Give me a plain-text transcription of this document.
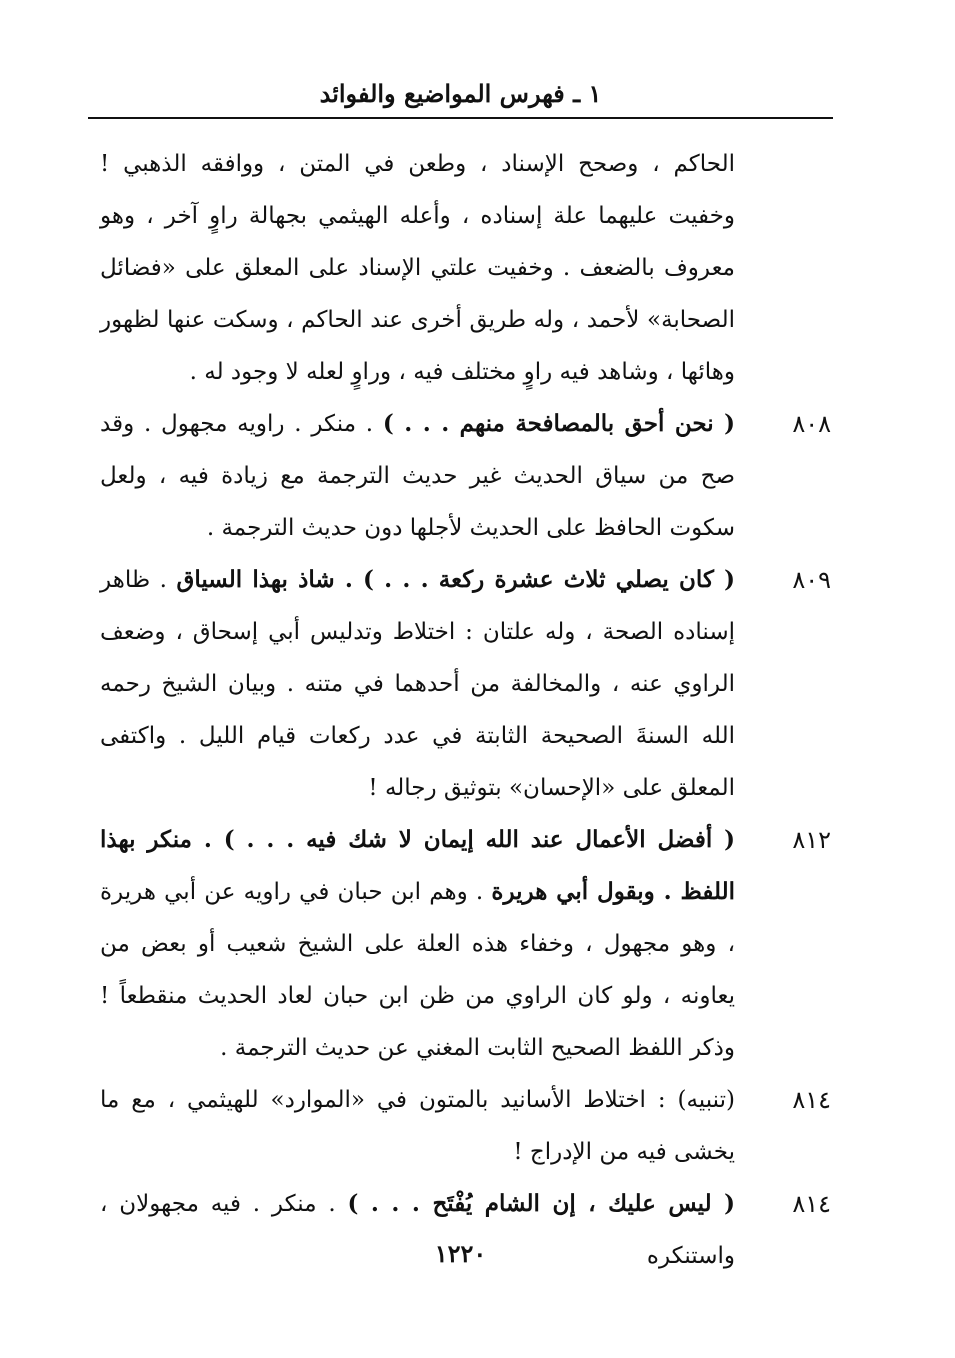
١ ـ فهرس المواضيع والفوائد
الحاكم ، وصحح الإسناد ، وطعن في المتن ، ووافقه الذهبي ! وخفيت عليهما علة إسناده ، وأعله الهيثمي بجهالة راوٍ آخر ، وهو معروف بالضعف . وخفيت علتي الإسناد على المعلق على «فضائل الصحابة» لأحمد ، وله طريق أخرى عند الحاكم ، وسكت عنها لظهور وهائها ، وشاهد فيه راوٍ مختلف فيه ، وراوٍ لعله لا وجود له .
٨٠٨
( نحن أحق بالمصافحة منهم . . . ) . منكر . راويه مجهول . وقد صح من سياق الحديث غير حديث الترجمة مع زيادة فيه ، ولعل سكوت الحافظ على الحديث لأجلها دون حديث الترجمة .
٨٠٩
( كان يصلي ثلاث عشرة ركعة . . . ) . شاذ بهذا السياق . ظاهر إسناده الصحة ، وله علتان : اختلاط وتدليس أبي إسحاق ، وضعف الراوي عنه ، والمخالفة من أحدهما في متنه . وبيان الشيخ رحمه الله السنةَ الصحيحة الثابتة في عدد ركعات قيام الليل . واكتفى المعلق على «الإحسان» بتوثيق رجاله !
٨١٢
( أفضل الأعمال عند الله إيمان لا شك فيه . . . ) . منكر بهذا اللفظ . وبقول أبي هريرة . وهم ابن حبان في راويه عن أبي هريرة ، وهو مجهول ، وخفاء هذه العلة على الشيخ شعيب أو بعض من يعاونه ، ولو كان الراوي من ظن ابن حبان لعاد الحديث منقطعاً ! وذكر اللفظ الصحيح الثابت المغني عن حديث الترجمة .
٨١٤
(تنبيه) : اختلاط الأسانيد بالمتون في «الموارد» للهيثمي ، مع ما يخشى فيه من الإدراج !
٨١٤
( ليس عليك ، إن الشام يُفْتَح . . . ) . منكر . فيه مجهولان ، واستنكره
١٢٢٠
